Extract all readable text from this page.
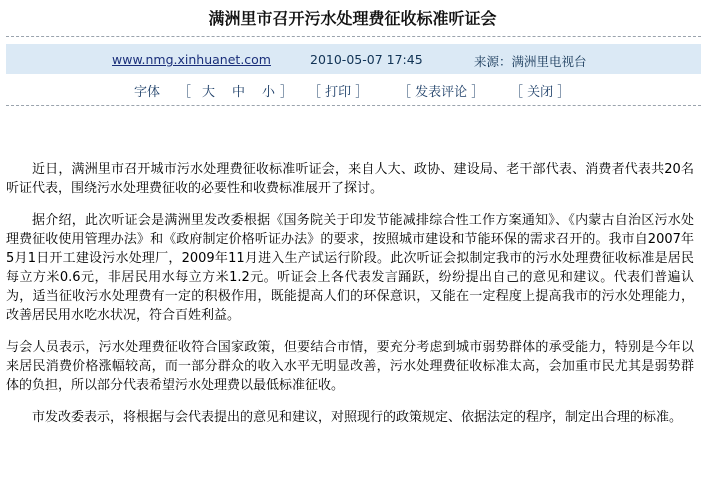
满洲里市召开污水处理费征收标准听证会
www.nmg.xinhuanet.com	2010-05-07 17:45	来源：满洲里电视台
字体 ［ 大 中 小 ］ ［ 打印 ］ ［ 发表评论 ］ ［ 关闭 ］

近日，满洲里市召开城市污水处理费征收标准听证会，来自人大、政协、建设局、老干部代表、消费者代表共20名听证代表，围绕污水处理费征收的必要性和收费标准展开了探讨。

据介绍，此次听证会是满洲里发改委根据《国务院关于印发节能减排综合性工作方案通知》、《内蒙古自治区污水处理费征收使用管理办法》和《政府制定价格听证办法》的要求，按照城市建设和节能环保的需求召开的。我市自2007年5月1日开工建设污水处理厂，2009年11月进入生产试运行阶段。此次听证会拟制定我市的污水处理费征收标准是居民每立方米0.6元，非居民用水每立方米1.2元。听证会上各代表发言踊跃，纷纷提出自己的意见和建议。代表们普遍认为，适当征收污水处理费有一定的积极作用，既能提高人们的环保意识，又能在一定程度上提高我市的污水处理能力，改善居民用水吃水状况，符合百姓利益。

与会人员表示，污水处理费征收符合国家政策，但要结合市情，要充分考虑到城市弱势群体的承受能力，特别是今年以来居民消费价格涨幅较高，而一部分群众的收入水平无明显改善，污水处理费征收标准太高，会加重市民尤其是弱势群体的负担，所以部分代表希望污水处理费以最低标准征收。

市发改委表示，将根据与会代表提出的意见和建议，对照现行的政策规定、依据法定的程序，制定出合理的标准。
